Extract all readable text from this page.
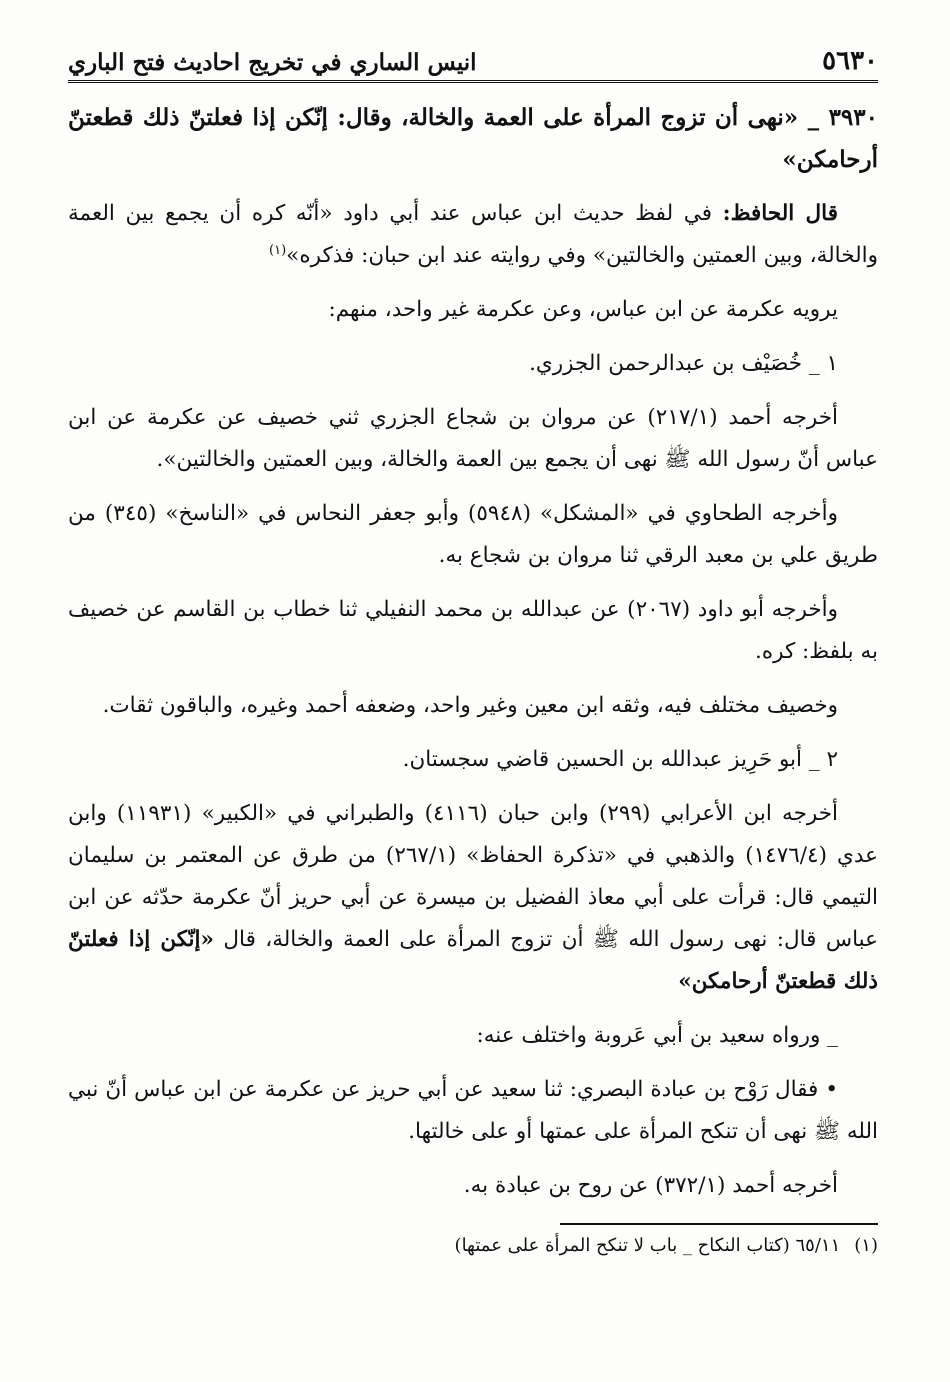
٥٦٣٠
انيس الساري في تخريج احاديث فتح الباري

٣٩٣٠ _ «نهى أن تزوج المرأة على العمة والخالة، وقال: إنّكن إذا فعلتنّ ذلك قطعتنّ أرحامكن»

قال الحافظ: في لفظ حديث ابن عباس عند أبي داود «أنّه كره أن يجمع بين العمة والخالة، وبين العمتين والخالتين» وفي روايته عند ابن حبان: فذكره»$^{(١)}$

يرويه عكرمة عن ابن عباس، وعن عكرمة غير واحد، منهم:

١ _ خُصَيْف بن عبدالرحمن الجزري.

أخرجه أحمد (٢١٧/١) عن مروان بن شجاع الجزري ثني خصيف عن عكرمة عن ابن عباس أنّ رسول الله ﷺ نهى أن يجمع بين العمة والخالة، وبين العمتين والخالتين».

وأخرجه الطحاوي في «المشكل» (٥٩٤٨) وأبو جعفر النحاس في «الناسخ» (٣٤٥) من طريق علي بن معبد الرقي ثنا مروان بن شجاع به.

وأخرجه أبو داود (٢٠٦٧) عن عبدالله بن محمد النفيلي ثنا خطاب بن القاسم عن خصيف به بلفظ: كره.

وخصيف مختلف فيه، وثقه ابن معين وغير واحد، وضعفه أحمد وغيره، والباقون ثقات.

٢ _ أبو حَرِيز عبدالله بن الحسين قاضي سجستان.

أخرجه ابن الأعرابي (٢٩٩) وابن حبان (٤١١٦) والطبراني في «الكبير» (١١٩٣١) وابن عدي (١٤٧٦/٤) والذهبي في «تذكرة الحفاظ» (٢٦٧/١) من طرق عن المعتمر بن سليمان التيمي قال: قرأت على أبي معاذ الفضيل بن ميسرة عن أبي حريز أنّ عكرمة حدّثه عن ابن عباس قال: نهى رسول الله ﷺ أن تزوج المرأة على العمة والخالة، قال «إنّكن إذا فعلتنّ ذلك قطعتنّ أرحامكن»

_ ورواه سعيد بن أبي عَروبة واختلف عنه:

• فقال رَوْح بن عبادة البصري: ثنا سعيد عن أبي حريز عن عكرمة عن ابن عباس أنّ نبي الله ﷺ نهى أن تنكح المرأة على عمتها أو على خالتها.

أخرجه أحمد (٣٧٢/١) عن روح بن عبادة به.

(١)٦٥/١١ (كتاب النكاح _ باب لا تنكح المرأة على عمتها)
